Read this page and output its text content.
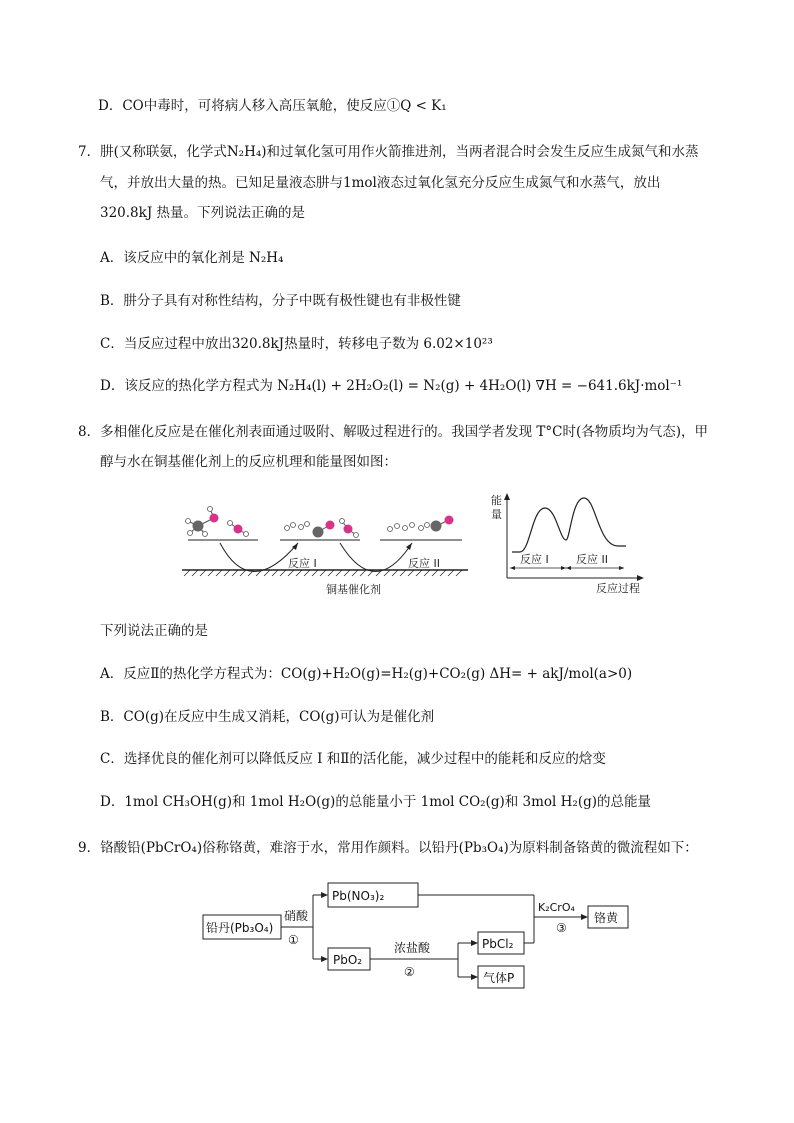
D．CO中毒时，可将病人移入高压氧舱，使反应①Q < K₁
7．肼(又称联氨，化学式N₂H₄)和过氧化氢可用作火箭推进剂，当两者混合时会发生反应生成氮气和水蒸
气，并放出大量的热。已知足量液态肼与1mol液态过氧化氢充分反应生成氮气和水蒸气，放出
320.8kJ 热量。下列说法正确的是
A．该反应中的氧化剂是 N₂H₄
B．肼分子具有对称性结构，分子中既有极性键也有非极性键
C．当反应过程中放出320.8kJ热量时，转移电子数为 6.02×10²³
D．该反应的热化学方程式为 N₂H₄(l) + 2H₂O₂(l) = N₂(g) + 4H₂O(l) ∇H = −641.6kJ·mol⁻¹
8．多相催化反应是在催化剂表面通过吸附、解吸过程进行的。我国学者发现 T°C时(各物质均为气态)，甲
醇与水在铜基催化剂上的反应机理和能量图如图：
反应 I	反应 II
铜基催化剂
能
量
反应 I 反应 II
反应过程
下列说法正确的是
A．反应Ⅱ的热化学方程式为：CO(g)+H₂O(g)=H₂(g)+CO₂(g) ΔH= + akJ/mol(a>0)
B．CO(g)在反应中生成又消耗，CO(g)可认为是催化剂
C．选择优良的催化剂可以降低反应 I 和Ⅱ的活化能，减少过程中的能耗和反应的焓变
D．1mol CH₃OH(g)和 1mol H₂O(g)的总能量小于 1mol CO₂(g)和 3mol H₂(g)的总能量
9．铬酸铅(PbCrO₄)俗称铬黄，难溶于水，常用作颜料。以铅丹(Pb₃O₄)为原料制备铬黄的微流程如下：
铅丹(Pb₃O₄)
硝酸
①
Pb(NO₃)₂
PbO₂
浓盐酸
②
PbCl₂
气体P
K₂CrO₄
③
铬黄
